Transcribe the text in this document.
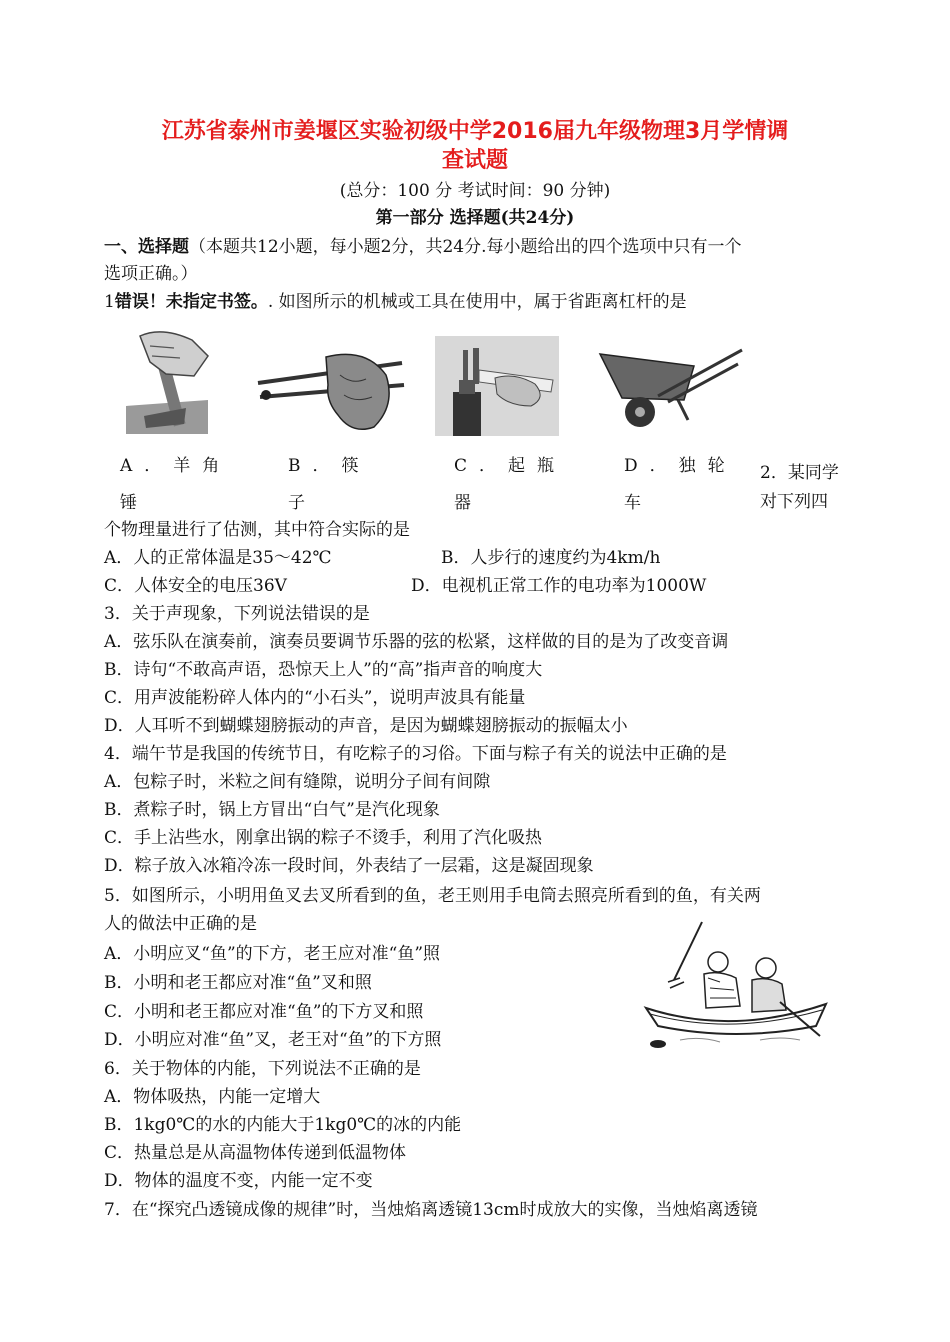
江苏省泰州市姜堰区实验初级中学2016届九年级物理3月学情调
查试题
(总分：100 分 考试时间：90 分钟)
第一部分 选择题(共24分)
一、选择题（本题共12小题，每小题2分，共24分.每小题给出的四个选项中只有一个
选项正确。）
1错误！未指定书签。. 如图所示的机械或工具在使用中，属于省距离杠杆的是
A．羊角
锤
B．筷
子
C．起瓶
器
D．独轮
车
2．某同学
对下列四
个物理量进行了估测，其中符合实际的是
A．人的正常体温是35～42℃	B．人步行的速度约为4km/h
C．人体安全的电压36V	D．电视机正常工作的电功率为1000W
3．关于声现象，下列说法错误的是
A．弦乐队在演奏前，演奏员要调节乐器的弦的松紧，这样做的目的是为了改变音调
B．诗句“不敢高声语，恐惊天上人”的“高”指声音的响度大
C．用声波能粉碎人体内的“小石头”，说明声波具有能量
D．人耳听不到蝴蝶翅膀振动的声音，是因为蝴蝶翅膀振动的振幅太小
4．端午节是我国的传统节日，有吃粽子的习俗。下面与粽子有关的说法中正确的是
A．包粽子时，米粒之间有缝隙，说明分子间有间隙
B．煮粽子时，锅上方冒出“白气”是汽化现象
C．手上沾些水，刚拿出锅的粽子不烫手，利用了汽化吸热
D．粽子放入冰箱冷冻一段时间，外表结了一层霜，这是凝固现象
5．如图所示，小明用鱼叉去叉所看到的鱼，老王则用手电筒去照亮所看到的鱼，有关两
人的做法中正确的是
A．小明应叉“鱼”的下方，老王应对准“鱼”照
B．小明和老王都应对准“鱼”叉和照
C．小明和老王都应对准“鱼”的下方叉和照
D．小明应对准“鱼”叉，老王对“鱼”的下方照
6．关于物体的内能，下列说法不正确的是
A．物体吸热，内能一定增大
B．1kg0℃的水的内能大于1kg0℃的冰的内能
C．热量总是从高温物体传递到低温物体
D．物体的温度不变，内能一定不变
7．在“探究凸透镜成像的规律”时，当烛焰离透镜13cm时成放大的实像，当烛焰离透镜
